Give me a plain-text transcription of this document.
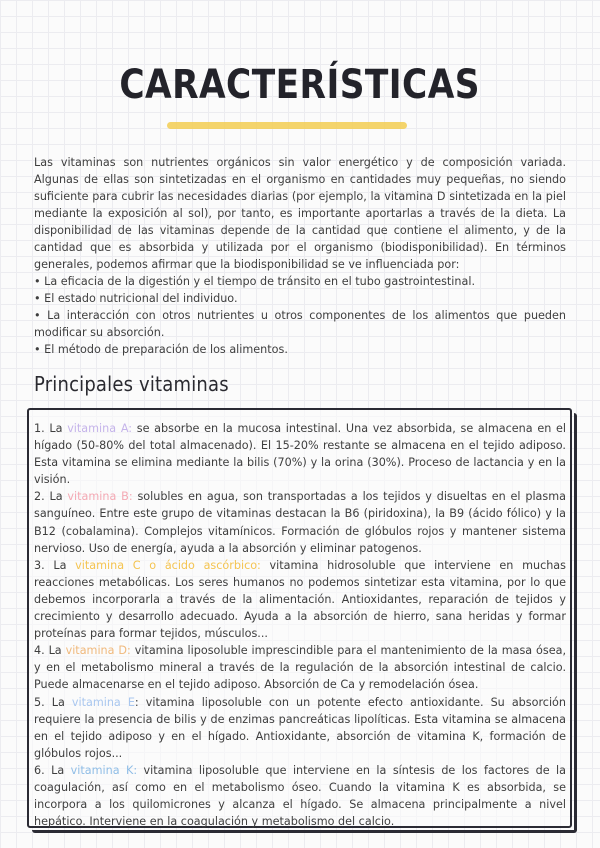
CARACTERÍSTICAS

Las vitaminas son nutrientes orgánicos sin valor energético y de composición variada. Algunas de ellas son sintetizadas en el organismo en cantidades muy pequeñas, no siendo suficiente para cubrir las necesidades diarias (por ejemplo, la vitamina D sintetizada en la piel mediante la exposición al sol), por tanto, es importante aportarlas a través de la dieta. La disponibilidad de las vitaminas depende de la cantidad que contiene el alimento, y de la cantidad que es absorbida y utilizada por el organismo (biodisponibilidad). En términos generales, podemos afirmar que la biodisponibilidad se ve influenciada por:

• La eficacia de la digestión y el tiempo de tránsito en el tubo gastrointestinal.

• El estado nutricional del individuo.

• La interacción con otros nutrientes u otros componentes de los alimentos que pueden modificar su absorción.

• El método de preparación de los alimentos.

Principales vitaminas

1. La vitamina A: se absorbe en la mucosa intestinal. Una vez absorbida, se almacena en el hígado (50-80% del total almacenado). El 15-20% restante se almacena en el tejido adiposo. Esta vitamina se elimina mediante la bilis (70%) y la orina (30%). Proceso de lactancia y en la visión.

2. La vitamina B: solubles en agua, son transportadas a los tejidos y disueltas en el plasma sanguíneo. Entre este grupo de vitaminas destacan la B6 (piridoxina), la B9 (ácido fólico) y la B12 (cobalamina). Complejos vitamínicos. Formación de glóbulos rojos y mantener sistema nervioso. Uso de energía, ayuda a la absorción y eliminar patogenos.

3. La vitamina C o ácido ascórbico: vitamina hidrosoluble que interviene en muchas reacciones metabólicas. Los seres humanos no podemos sintetizar esta vitamina, por lo que debemos incorporarla a través de la alimentación. Antioxidantes, reparación de tejidos y crecimiento y desarrollo adecuado. Ayuda a la absorción de hierro, sana heridas y formar proteínas para formar tejidos, músculos...

4. La vitamina D: vitamina liposoluble imprescindible para el mantenimiento de la masa ósea, y en el metabolismo mineral a través de la regulación de la absorción intestinal de calcio. Puede almacenarse en el tejido adiposo. Absorción de Ca y remodelación ósea.

5. La vitamina E: vitamina liposoluble con un potente efecto antioxidante. Su absorción requiere la presencia de bilis y de enzimas pancreáticas lipolíticas. Esta vitamina se almacena en el tejido adiposo y en el hígado. Antioxidante, absorción de vitamina K, formación de glóbulos rojos...

6. La vitamina K: vitamina liposoluble que interviene en la síntesis de los factores de la coagulación, así como en el metabolismo óseo. Cuando la vitamina K es absorbida, se incorpora a los quilomicrones y alcanza el hígado. Se almacena principalmente a nivel hepático. Interviene en la coagulación y metabolismo del calcio.
